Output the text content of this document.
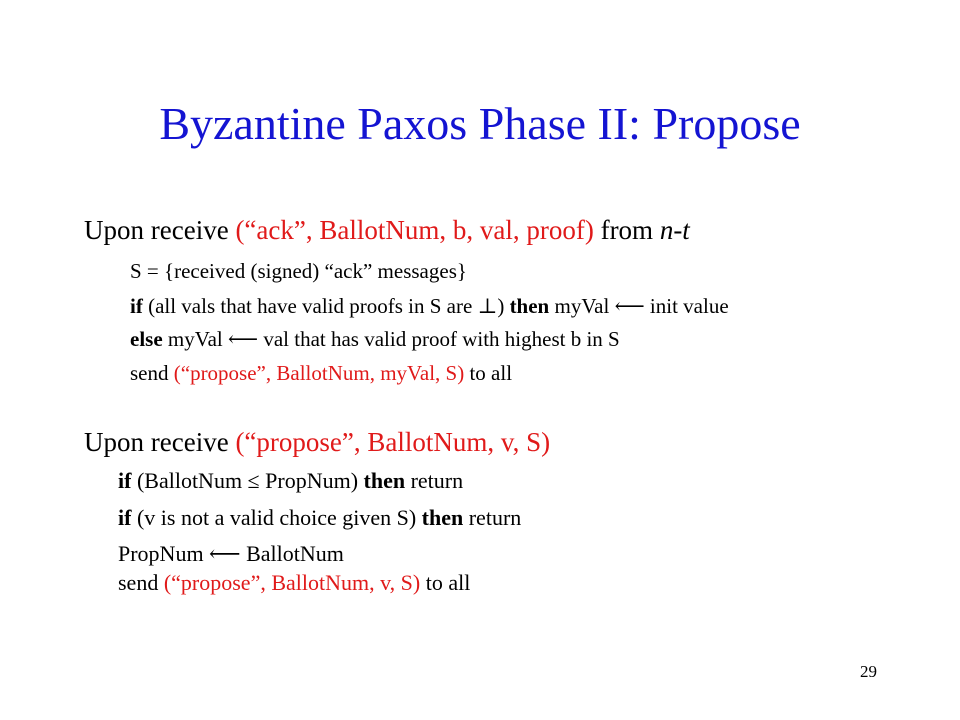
Byzantine Paxos Phase II: Propose
Upon receive (“ack”, BallotNum, b, val, proof) from n-t
S = {received (signed) “ack” messages}
if (all vals that have valid proofs in S are ⊥) then myVal ⟵ init value
else myVal ⟵ val that has valid proof with highest b in S
send (“propose”, BallotNum, myVal, S) to all
Upon receive (“propose”, BallotNum, v, S)
if (BallotNum ≤ PropNum) then return
if (v is not a valid choice given S) then return
PropNum ⟵ BallotNum
send (“propose”, BallotNum, v, S) to all
29
